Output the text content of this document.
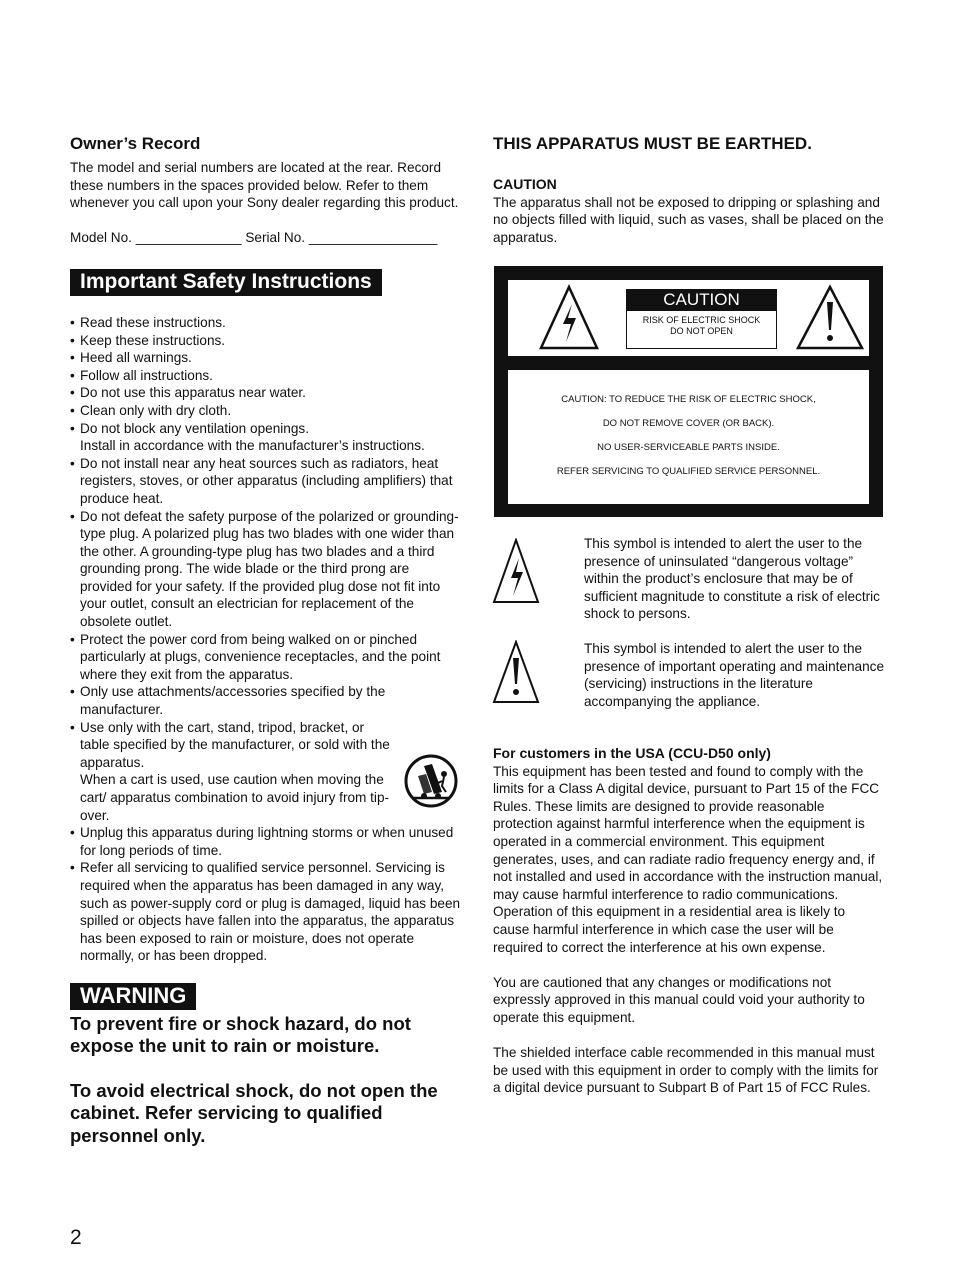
Owner’s Record

The model and serial numbers are located at the rear. Record these numbers in the spaces provided below. Refer to them whenever you call upon your Sony dealer regarding this product.

Model No. ______________ Serial No. _________________

Important Safety Instructions
• Read these instructions.
• Keep these instructions.
• Heed all warnings.
• Follow all instructions.
• Do not use this apparatus near water.
• Clean only with dry cloth.
• Do not block any ventilation openings.
Install in accordance with the manufacturer’s instructions.
• Do not install near any heat sources such as radiators, heat registers, stoves, or other apparatus (including amplifiers) that produce heat.
• Do not defeat the safety purpose of the polarized or grounding-type plug. A polarized plug has two blades with one wider than the other. A grounding-type plug has two blades and a third grounding prong. The wide blade or the third prong are provided for your safety. If the provided plug dose not fit into your outlet, consult an electrician for replacement of the obsolete outlet.
• Protect the power cord from being walked on or pinched particularly at plugs, convenience receptacles, and the point where they exit from the apparatus.
• Only use attachments/accessories specified by the manufacturer.
• Use only with the cart, stand, tripod, bracket, or table specified by the manufacturer, or sold with the apparatus.
When a cart is used, use caution when moving the cart/ apparatus combination to avoid injury from tip-over.
• Unplug this apparatus during lightning storms or when unused for long periods of time.
• Refer all servicing to qualified service personnel. Servicing is required when the apparatus has been damaged in any way, such as power-supply cord or plug is damaged, liquid has been spilled or objects have fallen into the apparatus, the apparatus has been exposed to rain or moisture, does not operate normally, or has been dropped.
WARNING

To prevent fire or shock hazard, do not expose the unit to rain or moisture.

To avoid electrical shock, do not open the cabinet. Refer servicing to qualified personnel only.

THIS APPARATUS MUST BE EARTHED.

CAUTION

The apparatus shall not be exposed to dripping or splashing and no objects filled with liquid, such as vases, shall be placed on the apparatus.

CAUTION
RISK OF ELECTRIC SHOCK
DO NOT OPEN
CAUTION: TO REDUCE THE RISK OF ELECTRIC SHOCK,
DO NOT REMOVE COVER (OR BACK).
NO USER-SERVICEABLE PARTS INSIDE.
REFER SERVICING TO QUALIFIED SERVICE PERSONNEL.

This symbol is intended to alert the user to the presence of uninsulated “dangerous voltage” within the product’s enclosure that may be of sufficient magnitude to constitute a risk of electric shock to persons.

This symbol is intended to alert the user to the presence of important operating and maintenance (servicing) instructions in the literature accompanying the appliance.

For customers in the USA (CCU-D50 only)

This equipment has been tested and found to comply with the limits for a Class A digital device, pursuant to Part 15 of the FCC Rules. These limits are designed to provide reasonable protection against harmful interference when the equipment is operated in a commercial environment. This equipment generates, uses, and can radiate radio frequency energy and, if not installed and used in accordance with the instruction manual, may cause harmful interference to radio communications. Operation of this equipment in a residential area is likely to cause harmful interference in which case the user will be required to correct the interference at his own expense.

You are cautioned that any changes or modifications not expressly approved in this manual could void your authority to operate this equipment.

The shielded interface cable recommended in this manual must be used with this equipment in order to comply with the limits for a digital device pursuant to Subpart B of Part 15 of FCC Rules.

2
